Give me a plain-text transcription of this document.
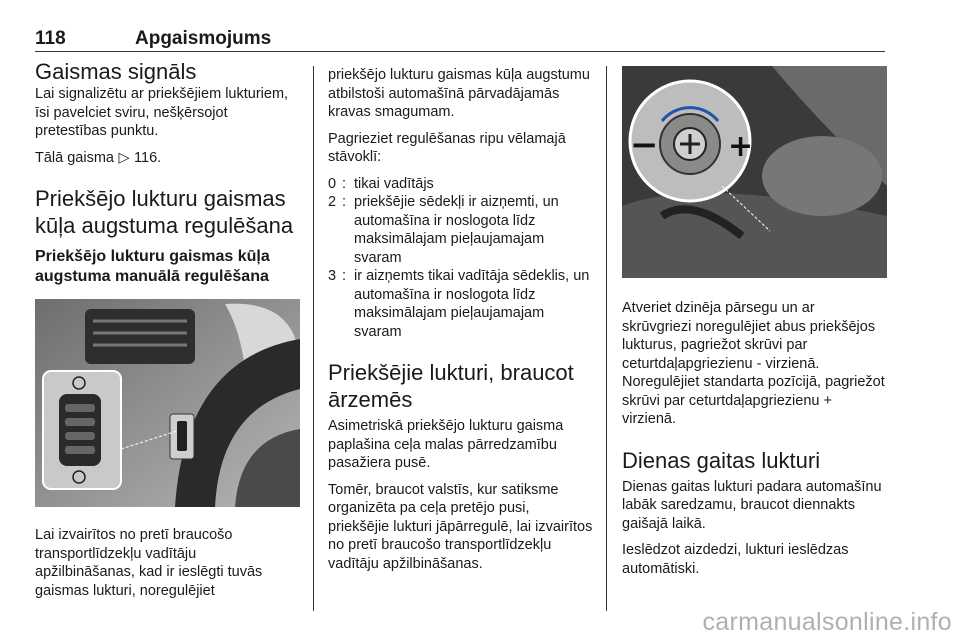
118	Apgaismojums
Gaismas signāls

Lai signalizētu ar priekšējiem lukturiem, īsi pavelciet sviru, nešķērsojot pretestības punktu.

Tālā gaisma ▷ 116.

Priekšējo lukturu gaismas kūļa augstuma regulēšana
Priekšējo lukturu gaismas kūļa augstuma manuālā regulēšana

Lai izvairītos no pretī braucošo transportlīdzekļu vadītāju apžilbināšanas, kad ir ieslēgti tuvās gaismas lukturi, noregulējiet

priekšējo lukturu gaismas kūļa augstumu atbilstoši automašīnā pārvadājamās kravas smagumam.

Pagrieziet regulēšanas ripu vēlamajā stāvoklī:

0 : tikai vadītājs
2 : priekšējie sēdekļi ir aizņemti, un automašīna ir noslogota līdz maksimālajam pieļaujamajam svaram
3 : ir aizņemts tikai vadītāja sēdeklis, un automašīna ir noslogota līdz maksimālajam pieļaujamajam svaram
Priekšējie lukturi, braucot ārzemēs

Asimetriskā priekšējo lukturu gaisma paplašina ceļa malas pārredzamību pasažiera pusē.

Tomēr, braucot valstīs, kur satiksme organizēta pa ceļa pretējo pusi, priekšējie lukturi jāpārregulē, lai izvairītos no pretī braucošo transportlīdzekļu vadītāju apžilbināšanas.

− +

Atveriet dzinēja pārsegu un ar skrūvgriezi noregulējiet abus priekšējos lukturus, pagriežot skrūvi par ceturtdaļapgriezienu - virzienā. Noregulējiet standarta pozīcijā, pagriežot skrūvi par ceturtdaļapgriezienu + virzienā.

Dienas gaitas lukturi

Dienas gaitas lukturi padara automašīnu labāk saredzamu, braucot diennakts gaišajā laikā.

Ieslēdzot aizdedzi, lukturi ieslēdzas automātiski.

carmanualsonline.info
